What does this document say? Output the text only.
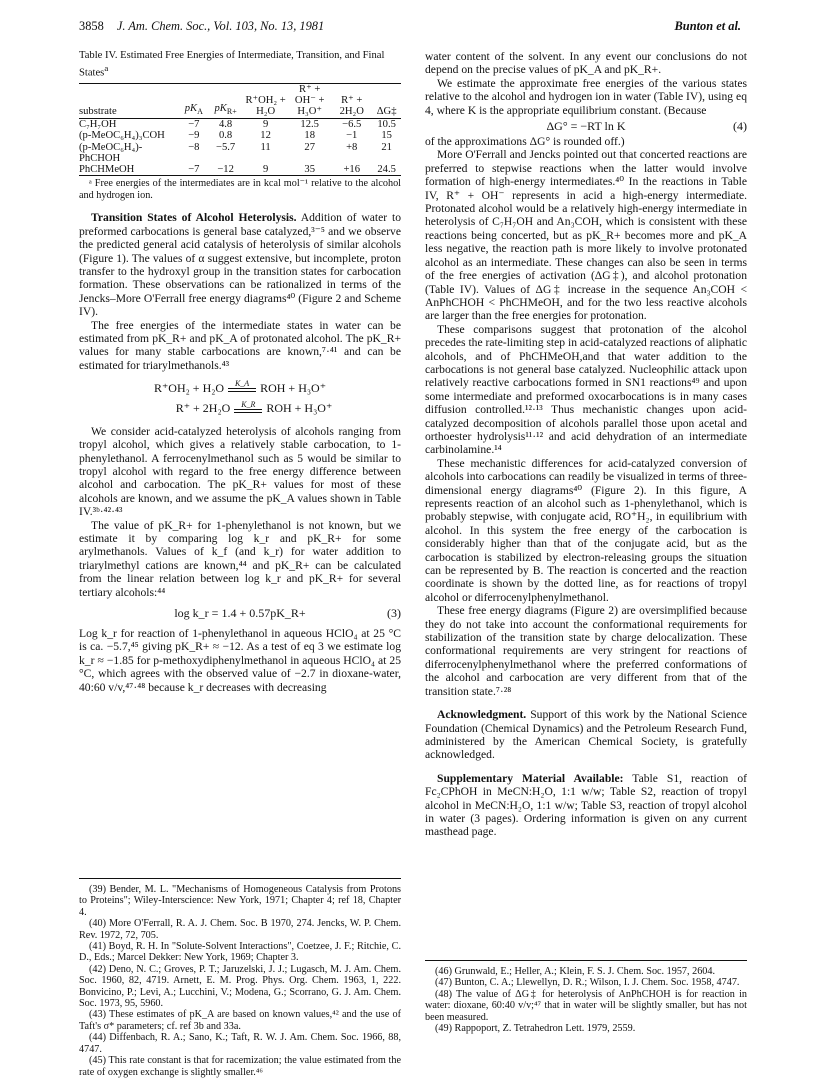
3858 J. Am. Chem. Soc., Vol. 103, No. 13, 1981	Bunton et al.
Table IV. Estimated Free Energies of Intermediate, Transition, and Final States$^a$
substrate	$pK_A$	$pK_{R+}$	R⁺OH₂ + H₂O	R⁺ + OH⁻ + H₃O⁺	R⁺ + 2H₂O	ΔG‡

C₇H₇OH	−7	4.8	9	12.5	−6.5	10.5
(p-MeOC₆H₄)₃COH	−9	0.8	12	18	−1	15
(p-MeOC₆H₄)-PhCHOH	−8	−5.7	11	27	+8	21
PhCHMeOH	−7	−12	9	35	+16	24.5

ᵃ Free energies of the intermediates are in kcal mol⁻¹ relative to the alcohol and hydrogen ion.

Transition States of Alcohol Heterolysis. Addition of water to preformed carbocations is general base catalyzed,³⁻⁵ and we observe the predicted general acid catalysis of heterolysis of similar alcohols (Figure 1). The values of α suggest extensive, but incomplete, proton transfer to the hydroxyl group in the transition states for carbocation formation. These observations can be rationalized in terms of the Jencks–More O'Ferrall free energy diagrams⁴⁰ (Figure 2 and Scheme IV).

The free energies of the intermediate states in water can be estimated from pK_R+ and pK_A of protonated alcohol. The pK_R+ values for many stable carbocations are known,⁷·⁴¹ and can be estimated for triarylmethanols.⁴³

R⁺OH₂ + H₂O	K_A ROH + H₃O⁺
R⁺ + 2H₂O	K_R ROH + H₃O⁺

We consider acid-catalyzed heterolysis of alcohols ranging from tropyl alcohol, which gives a relatively stable carbocation, to 1-phenylethanol. A ferrocenylmethanol such as 5 would be similar to tropyl alcohol with regard to the free energy difference between alcohol and carbocation. The pK_R+ values for most of these alcohols are known, and we assume the pK_A values shown in Table IV.³ᵇ·⁴²·⁴³

The value of pK_R+ for 1-phenylethanol is not known, but we estimate it by comparing log k_r and pK_R+ for some arylmethanols. Values of k_f (and k_r) for water addition to triarylmethyl cations are known,⁴⁴ and pK_R+ can be calculated from the linear relation between log k_r and pK_R+ for several tertiary alcohols:⁴⁴

log k_r = 1.4 + 0.57pK_R+	(3)

Log k_r for reaction of 1-phenylethanol in aqueous HClO₄ at 25 °C is ca. −5.7,⁴⁵ giving pK_R+ ≈ −12. As a test of eq 3 we estimate log k_r ≈ −1.85 for p-methoxydiphenylmethanol in aqueous HClO₄ at 25 °C, which agrees with the observed value of −2.7 in dioxane-water, 40:60 v/v,⁴⁷·⁴⁸ because k_r decreases with decreasing

(39) Bender, M. L. "Mechanisms of Homogeneous Catalysis from Protons to Proteins"; Wiley-Interscience: New York, 1971; Chapter 4; ref 18, Chapter 4.

(40) More O'Ferrall, R. A. J. Chem. Soc. B 1970, 274. Jencks, W. P. Chem. Rev. 1972, 72, 705.

(41) Boyd, R. H. In "Solute-Solvent Interactions", Coetzee, J. F.; Ritchie, C. D., Eds.; Marcel Dekker: New York, 1969; Chapter 3.

(42) Deno, N. C.; Groves, P. T.; Jaruzelski, J. J.; Lugasch, M. J. Am. Chem. Soc. 1960, 82, 4719. Arnett, E. M. Prog. Phys. Org. Chem. 1963, 1, 222. Bonvicino, P.; Levi, A.; Lucchini, V.; Modena, G.; Scorrano, G. J. Am. Chem. Soc. 1973, 95, 5960.

(43) These estimates of pK_A are based on known values,⁴² and the use of Taft's σ* parameters; cf. ref 3b and 33a.

(44) Diffenbach, R. A.; Sano, K.; Taft, R. W. J. Am. Chem. Soc. 1966, 88, 4747.

(45) This rate constant is that for racemization; the value estimated from the rate of oxygen exchange is slightly smaller.⁴⁶

water content of the solvent. In any event our conclusions do not depend on the precise values of pK_A and pK_R+.

We estimate the approximate free energies of the various states relative to the alcohol and hydrogen ion in water (Table IV), using eq 4, where K is the appropriate equilibrium constant. (Because

ΔG° = −RT ln K	(4)

of the approximations ΔG° is rounded off.)

More O'Ferrall and Jencks pointed out that concerted reactions are preferred to stepwise reactions when the latter would involve formation of high-energy intermediates.⁴⁰ In the reactions in Table IV, R⁺ + OH⁻ represents in acid a high-energy intermediate. Protonated alcohol would be a relatively high-energy intermediate in heterolysis of C₇H₇OH and An₃COH, which is consistent with these reactions being concerted, but as pK_R+ becomes more and pK_A less negative, the reaction path is more likely to involve protonated alcohol as an intermediate. These changes can also be seen in terms of the free energies of activation (ΔG‡), and alcohol protonation (Table IV). Values of ΔG‡ increase in the sequence An₃COH < AnPhCHOH < PhCHMeOH, and for the two less reactive alcohols are larger than the free energies for protonation.

These comparisons suggest that protonation of the alcohol precedes the rate-limiting step in acid-catalyzed reactions of aliphatic alcohols, and of PhCHMeOH,and that water addition to the carbocations is not general base catalyzed. Nucleophilic attack upon relatively reactive carbocations formed in SN1 reactions⁴⁹ and upon some intermediate and preformed oxocarbocations is in many cases diffusion controlled.¹²·¹³ Thus mechanistic changes upon acid-catalyzed decomposition of alcohols parallel those upon acetal and orthoester hydrolysis¹¹·¹² and acid dehydration of an intermediate carbinolamine.¹⁴

These mechanistic differences for acid-catalyzed conversion of alcohols into carbocations can readily be visualized in terms of three-dimensional energy diagrams⁴⁰ (Figure 2). In this figure, A represents reaction of an alcohol such as 1-phenylethanol, which is probably stepwise, with conjugate acid, RO⁺H₂, in equilibrium with alcohol. In this system the free energy of the carbocation is considerably higher than that of the conjugate acid, but as the carbocation is stabilized by electron-releasing groups the situation can be represented by B. The reaction is concerted and the reaction coordinate is shown by the dotted line, as for reactions of tropyl alcohol or diferrocenylphenylmethanol.

These free energy diagrams (Figure 2) are oversimplified because they do not take into account the conformational requirements for stabilization of the transition state by charge delocalization. These conformational requirements are very stringent for reactions of diferrocenylphenylmethanol where the preferred conformations of the alcohol and carbocation are very different from that of the transition state.⁷·²⁸

Acknowledgment. Support of this work by the National Science Foundation (Chemical Dynamics) and the Petroleum Research Fund, administered by the American Chemical Society, is gratefully acknowledged.

Supplementary Material Available: Table S1, reaction of Fc₂CPhOH in MeCN:H₂O, 1:1 w/w; Table S2, reaction of tropyl alcohol in MeCN:H₂O, 1:1 w/w; Table S3, reaction of tropyl alcohol in water (3 pages). Ordering information is given on any current masthead page.

(46) Grunwald, E.; Heller, A.; Klein, F. S. J. Chem. Soc. 1957, 2604.

(47) Bunton, C. A.; Llewellyn, D. R.; Wilson, I. J. Chem. Soc. 1958, 4747.

(48) The value of ΔG‡ for heterolysis of AnPhCHOH is for reaction in water: dioxane, 60:40 v/v;⁴⁷ that in water will be slightly smaller, but has not been measured.

(49) Rappoport, Z. Tetrahedron Lett. 1979, 2559.
